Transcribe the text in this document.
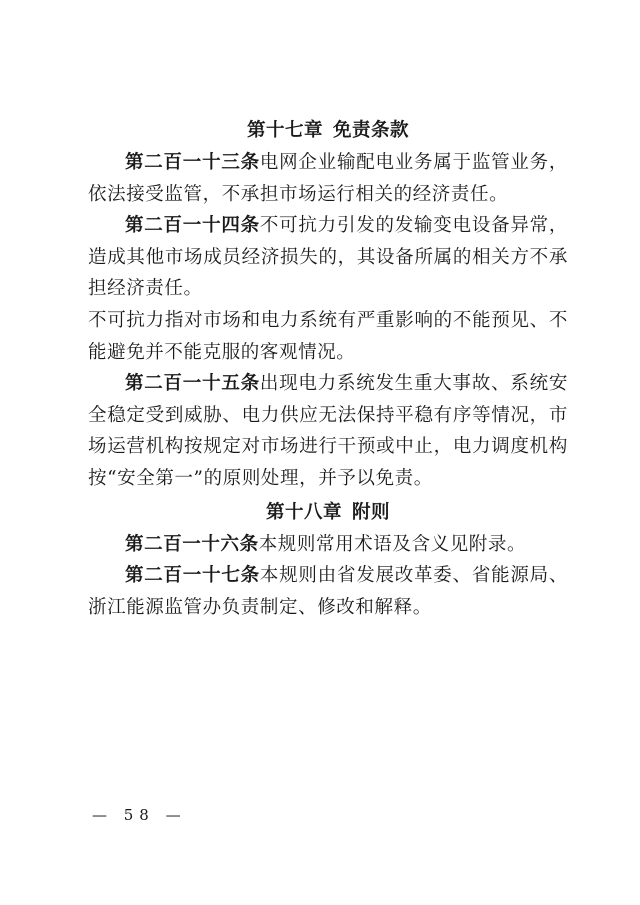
第十七章 免责条款

第二百一十三条电网企业输配电业务属于监管业务，依法接受监管，不承担市场运行相关的经济责任。

第二百一十四条不可抗力引发的发输变电设备异常，造成其他市场成员经济损失的，其设备所属的相关方不承担经济责任。

不可抗力指对市场和电力系统有严重影响的不能预见、不能避免并不能克服的客观情况。

第二百一十五条出现电力系统发生重大事故、系统安全稳定受到威胁、电力供应无法保持平稳有序等情况，市场运营机构按规定对市场进行干预或中止，电力调度机构按“安全第一”的原则处理，并予以免责。

第十八章 附则

第二百一十六条本规则常用术语及含义见附录。

第二百一十七条本规则由省发展改革委、省能源局、浙江能源监管办负责制定、修改和解释。

— 58 —
